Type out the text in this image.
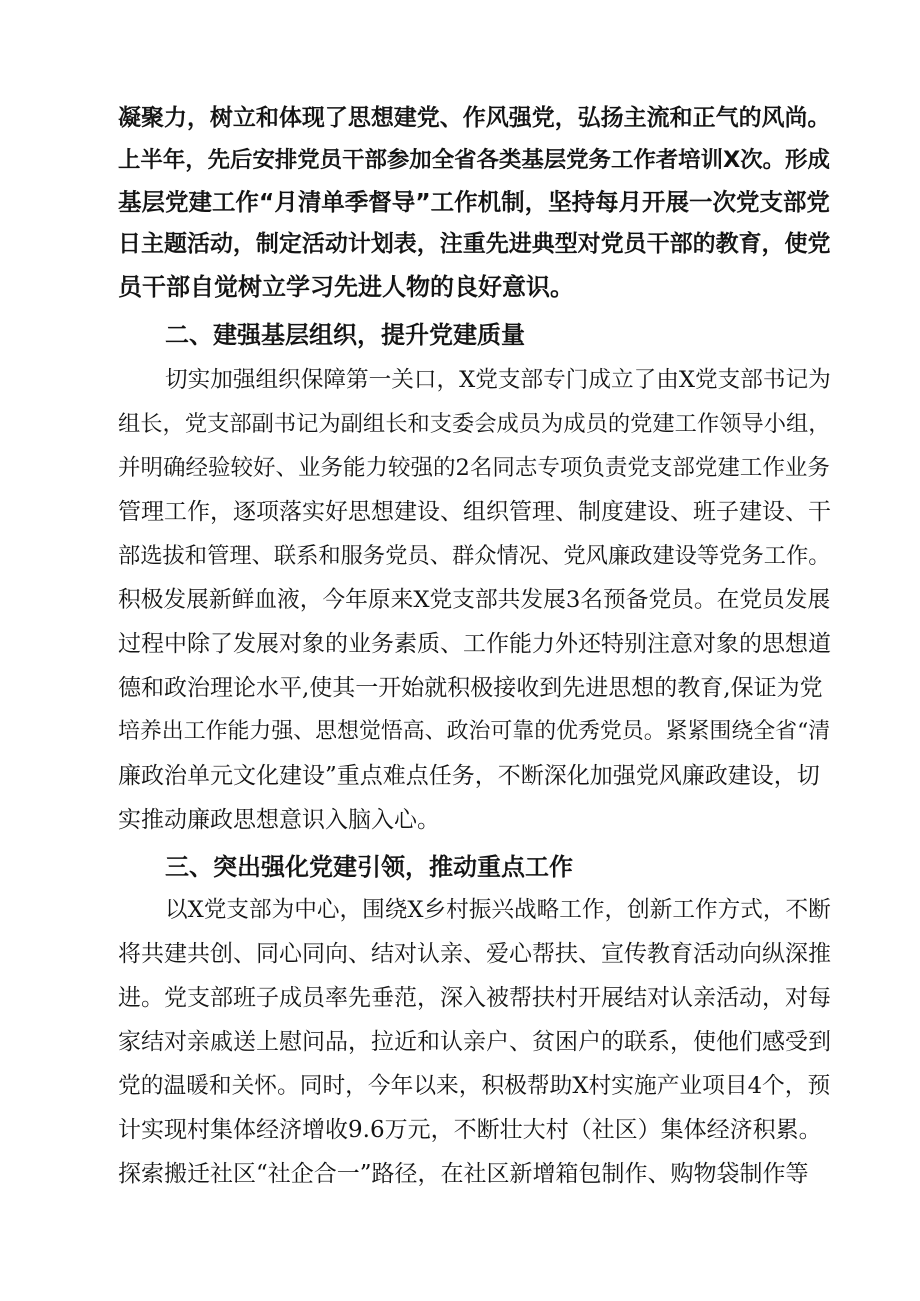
凝聚力，树立和体现了思想建党、作风强党，弘扬主流和正气的风尚。
上半年，先后安排党员干部参加全省各类基层党务工作者培训X次。形成
基层党建工作“月清单季督导”工作机制，坚持每月开展一次党支部党
日主题活动，制定活动计划表，注重先进典型对党员干部的教育，使党
员干部自觉树立学习先进人物的良好意识。
二、建强基层组织，提升党建质量
切实加强组织保障第一关口，X党支部专门成立了由X党支部书记为
组长，党支部副书记为副组长和支委会成员为成员的党建工作领导小组，
并明确经验较好、业务能力较强的2名同志专项负责党支部党建工作业务
管理工作，逐项落实好思想建设、组织管理、制度建设、班子建设、干
部选拔和管理、联系和服务党员、群众情况、党风廉政建设等党务工作。
积极发展新鲜血液，今年原来X党支部共发展3名预备党员。在党员发展
过程中除了发展对象的业务素质、工作能力外还特别注意对象的思想道
德和政治理论水平,使其一开始就积极接收到先进思想的教育,保证为党
培养出工作能力强、思想觉悟高、政治可靠的优秀党员。紧紧围绕全省“清
廉政治单元文化建设”重点难点任务，不断深化加强党风廉政建设，切
实推动廉政思想意识入脑入心。
三、突出强化党建引领，推动重点工作
以X党支部为中心，围绕X乡村振兴战略工作，创新工作方式，不断
将共建共创、同心同向、结对认亲、爱心帮扶、宣传教育活动向纵深推
进。党支部班子成员率先垂范，深入被帮扶村开展结对认亲活动，对每
家结对亲戚送上慰问品，拉近和认亲户、贫困户的联系，使他们感受到
党的温暖和关怀。同时，今年以来，积极帮助X村实施产业项目4个，预
计实现村集体经济增收9.6万元，不断壮大村（社区）集体经济积累。
探索搬迁社区“社企合一”路径，在社区新增箱包制作、购物袋制作等
